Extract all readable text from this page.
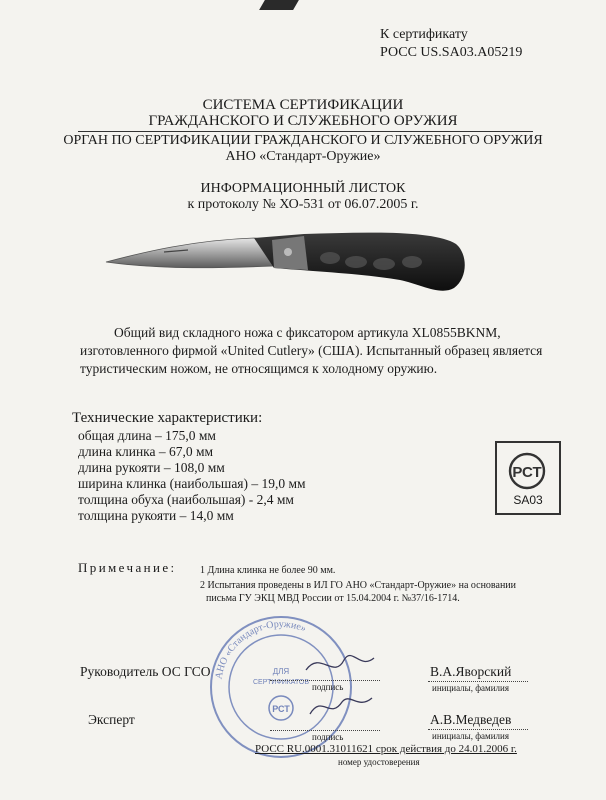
К сертификату
РОСС US.SA03.A05219
СИСТЕМА СЕРТИФИКАЦИИ
ГРАЖДАНСКОГО И СЛУЖЕБНОГО ОРУЖИЯ
ОРГАН ПО СЕРТИФИКАЦИИ ГРАЖДАНСКОГО И СЛУЖЕБНОГО ОРУЖИЯ
АНО «Стандарт-Оружие»
ИНФОРМАЦИОННЫЙ ЛИСТОК
к протоколу № ХО-531 от 06.07.2005 г.

Общий вид складного ножа с фиксатором артикула XL0855BKNM,

изготовленного фирмой «United Cutlery» (США). Испытанный образец является

туристическим ножом, не относящимся к холодному оружию.

Технические характеристики:
общая длина – 175,0 мм
длина клинка – 67,0 мм
длина рукояти – 108,0 мм
ширина клинка (наибольшая) – 19,0 мм
толщина обуха (наибольшая) - 2,4 мм
толщина рукояти – 14,0 мм
РСТ
SA03
Примечание: 1 Длина клинка не более 90 мм.
2 Испытания проведены в ИЛ ГО АНО «Стандарт-Оружие» на основании
письма ГУ ЭКЦ МВД России от 15.04.2004 г. №37/16-1714.
АНО «Стандарт-Оружие»
ДЛЯ
СЕРТИФИКАТОВ
РСТ
Руководитель ОС ГСО
подпись
В.А.Яворский
инициалы, фамилия
Эксперт
подпись
А.В.Медведев
инициалы, фамилия
РОСС RU.0001.31011621 срок действия до 24.01.2006 г.
номер удостоверения
